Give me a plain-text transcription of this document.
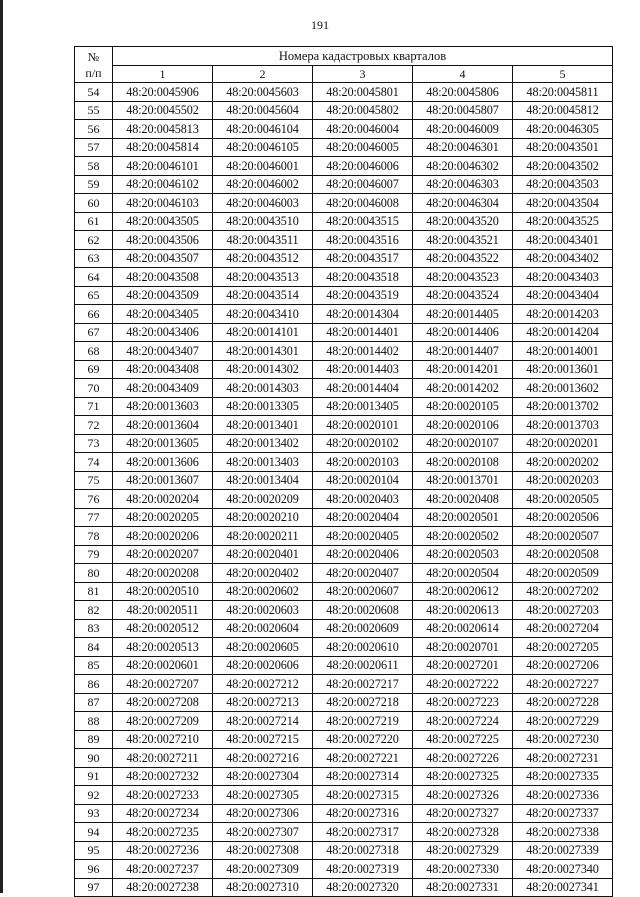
191
№
п/п	Номера кадастровых кварталов				
	1	2	3	4	5
54	48:20:0045906	48:20:0045603	48:20:0045801	48:20:0045806	48:20:0045811
55	48:20:0045502	48:20:0045604	48:20:0045802	48:20:0045807	48:20:0045812
56	48:20:0045813	48:20:0046104	48:20:0046004	48:20:0046009	48:20:0046305
57	48:20:0045814	48:20:0046105	48:20:0046005	48:20:0046301	48:20:0043501
58	48:20:0046101	48:20:0046001	48:20:0046006	48:20:0046302	48:20:0043502
59	48:20:0046102	48:20:0046002	48:20:0046007	48:20:0046303	48:20:0043503
60	48:20:0046103	48:20:0046003	48:20:0046008	48:20:0046304	48:20:0043504
61	48:20:0043505	48:20:0043510	48:20:0043515	48:20:0043520	48:20:0043525
62	48:20:0043506	48:20:0043511	48:20:0043516	48:20:0043521	48:20:0043401
63	48:20:0043507	48:20:0043512	48:20:0043517	48:20:0043522	48:20:0043402
64	48:20:0043508	48:20:0043513	48:20:0043518	48:20:0043523	48:20:0043403
65	48:20:0043509	48:20:0043514	48:20:0043519	48:20:0043524	48:20:0043404
66	48:20:0043405	48:20:0043410	48:20:0014304	48:20:0014405	48:20:0014203
67	48:20:0043406	48:20:0014101	48:20:0014401	48:20:0014406	48:20:0014204
68	48:20:0043407	48:20:0014301	48:20:0014402	48:20:0014407	48:20:0014001
69	48:20:0043408	48:20:0014302	48:20:0014403	48:20:0014201	48:20:0013601
70	48:20:0043409	48:20:0014303	48:20:0014404	48:20:0014202	48:20:0013602
71	48:20:0013603	48:20:0013305	48:20:0013405	48:20:0020105	48:20:0013702
72	48:20:0013604	48:20:0013401	48:20:0020101	48:20:0020106	48:20:0013703
73	48:20:0013605	48:20:0013402	48:20:0020102	48:20:0020107	48:20:0020201
74	48:20:0013606	48:20:0013403	48:20:0020103	48:20:0020108	48:20:0020202
75	48:20:0013607	48:20:0013404	48:20:0020104	48:20:0013701	48:20:0020203
76	48:20:0020204	48:20:0020209	48:20:0020403	48:20:0020408	48:20:0020505
77	48:20:0020205	48:20:0020210	48:20:0020404	48:20:0020501	48:20:0020506
78	48:20:0020206	48:20:0020211	48:20:0020405	48:20:0020502	48:20:0020507
79	48:20:0020207	48:20:0020401	48:20:0020406	48:20:0020503	48:20:0020508
80	48:20:0020208	48:20:0020402	48:20:0020407	48:20:0020504	48:20:0020509
81	48:20:0020510	48:20:0020602	48:20:0020607	48:20:0020612	48:20:0027202
82	48:20:0020511	48:20:0020603	48:20:0020608	48:20:0020613	48:20:0027203
83	48:20:0020512	48:20:0020604	48:20:0020609	48:20:0020614	48:20:0027204
84	48:20:0020513	48:20:0020605	48:20:0020610	48:20:0020701	48:20:0027205
85	48:20:0020601	48:20:0020606	48:20:0020611	48:20:0027201	48:20:0027206
86	48:20:0027207	48:20:0027212	48:20:0027217	48:20:0027222	48:20:0027227
87	48:20:0027208	48:20:0027213	48:20:0027218	48:20:0027223	48:20:0027228
88	48:20:0027209	48:20:0027214	48:20:0027219	48:20:0027224	48:20:0027229
89	48:20:0027210	48:20:0027215	48:20:0027220	48:20:0027225	48:20:0027230
90	48:20:0027211	48:20:0027216	48:20:0027221	48:20:0027226	48:20:0027231
91	48:20:0027232	48:20:0027304	48:20:0027314	48:20:0027325	48:20:0027335
92	48:20:0027233	48:20:0027305	48:20:0027315	48:20:0027326	48:20:0027336
93	48:20:0027234	48:20:0027306	48:20:0027316	48:20:0027327	48:20:0027337
94	48:20:0027235	48:20:0027307	48:20:0027317	48:20:0027328	48:20:0027338
95	48:20:0027236	48:20:0027308	48:20:0027318	48:20:0027329	48:20:0027339
96	48:20:0027237	48:20:0027309	48:20:0027319	48:20:0027330	48:20:0027340
97	48:20:0027238	48:20:0027310	48:20:0027320	48:20:0027331	48:20:0027341
